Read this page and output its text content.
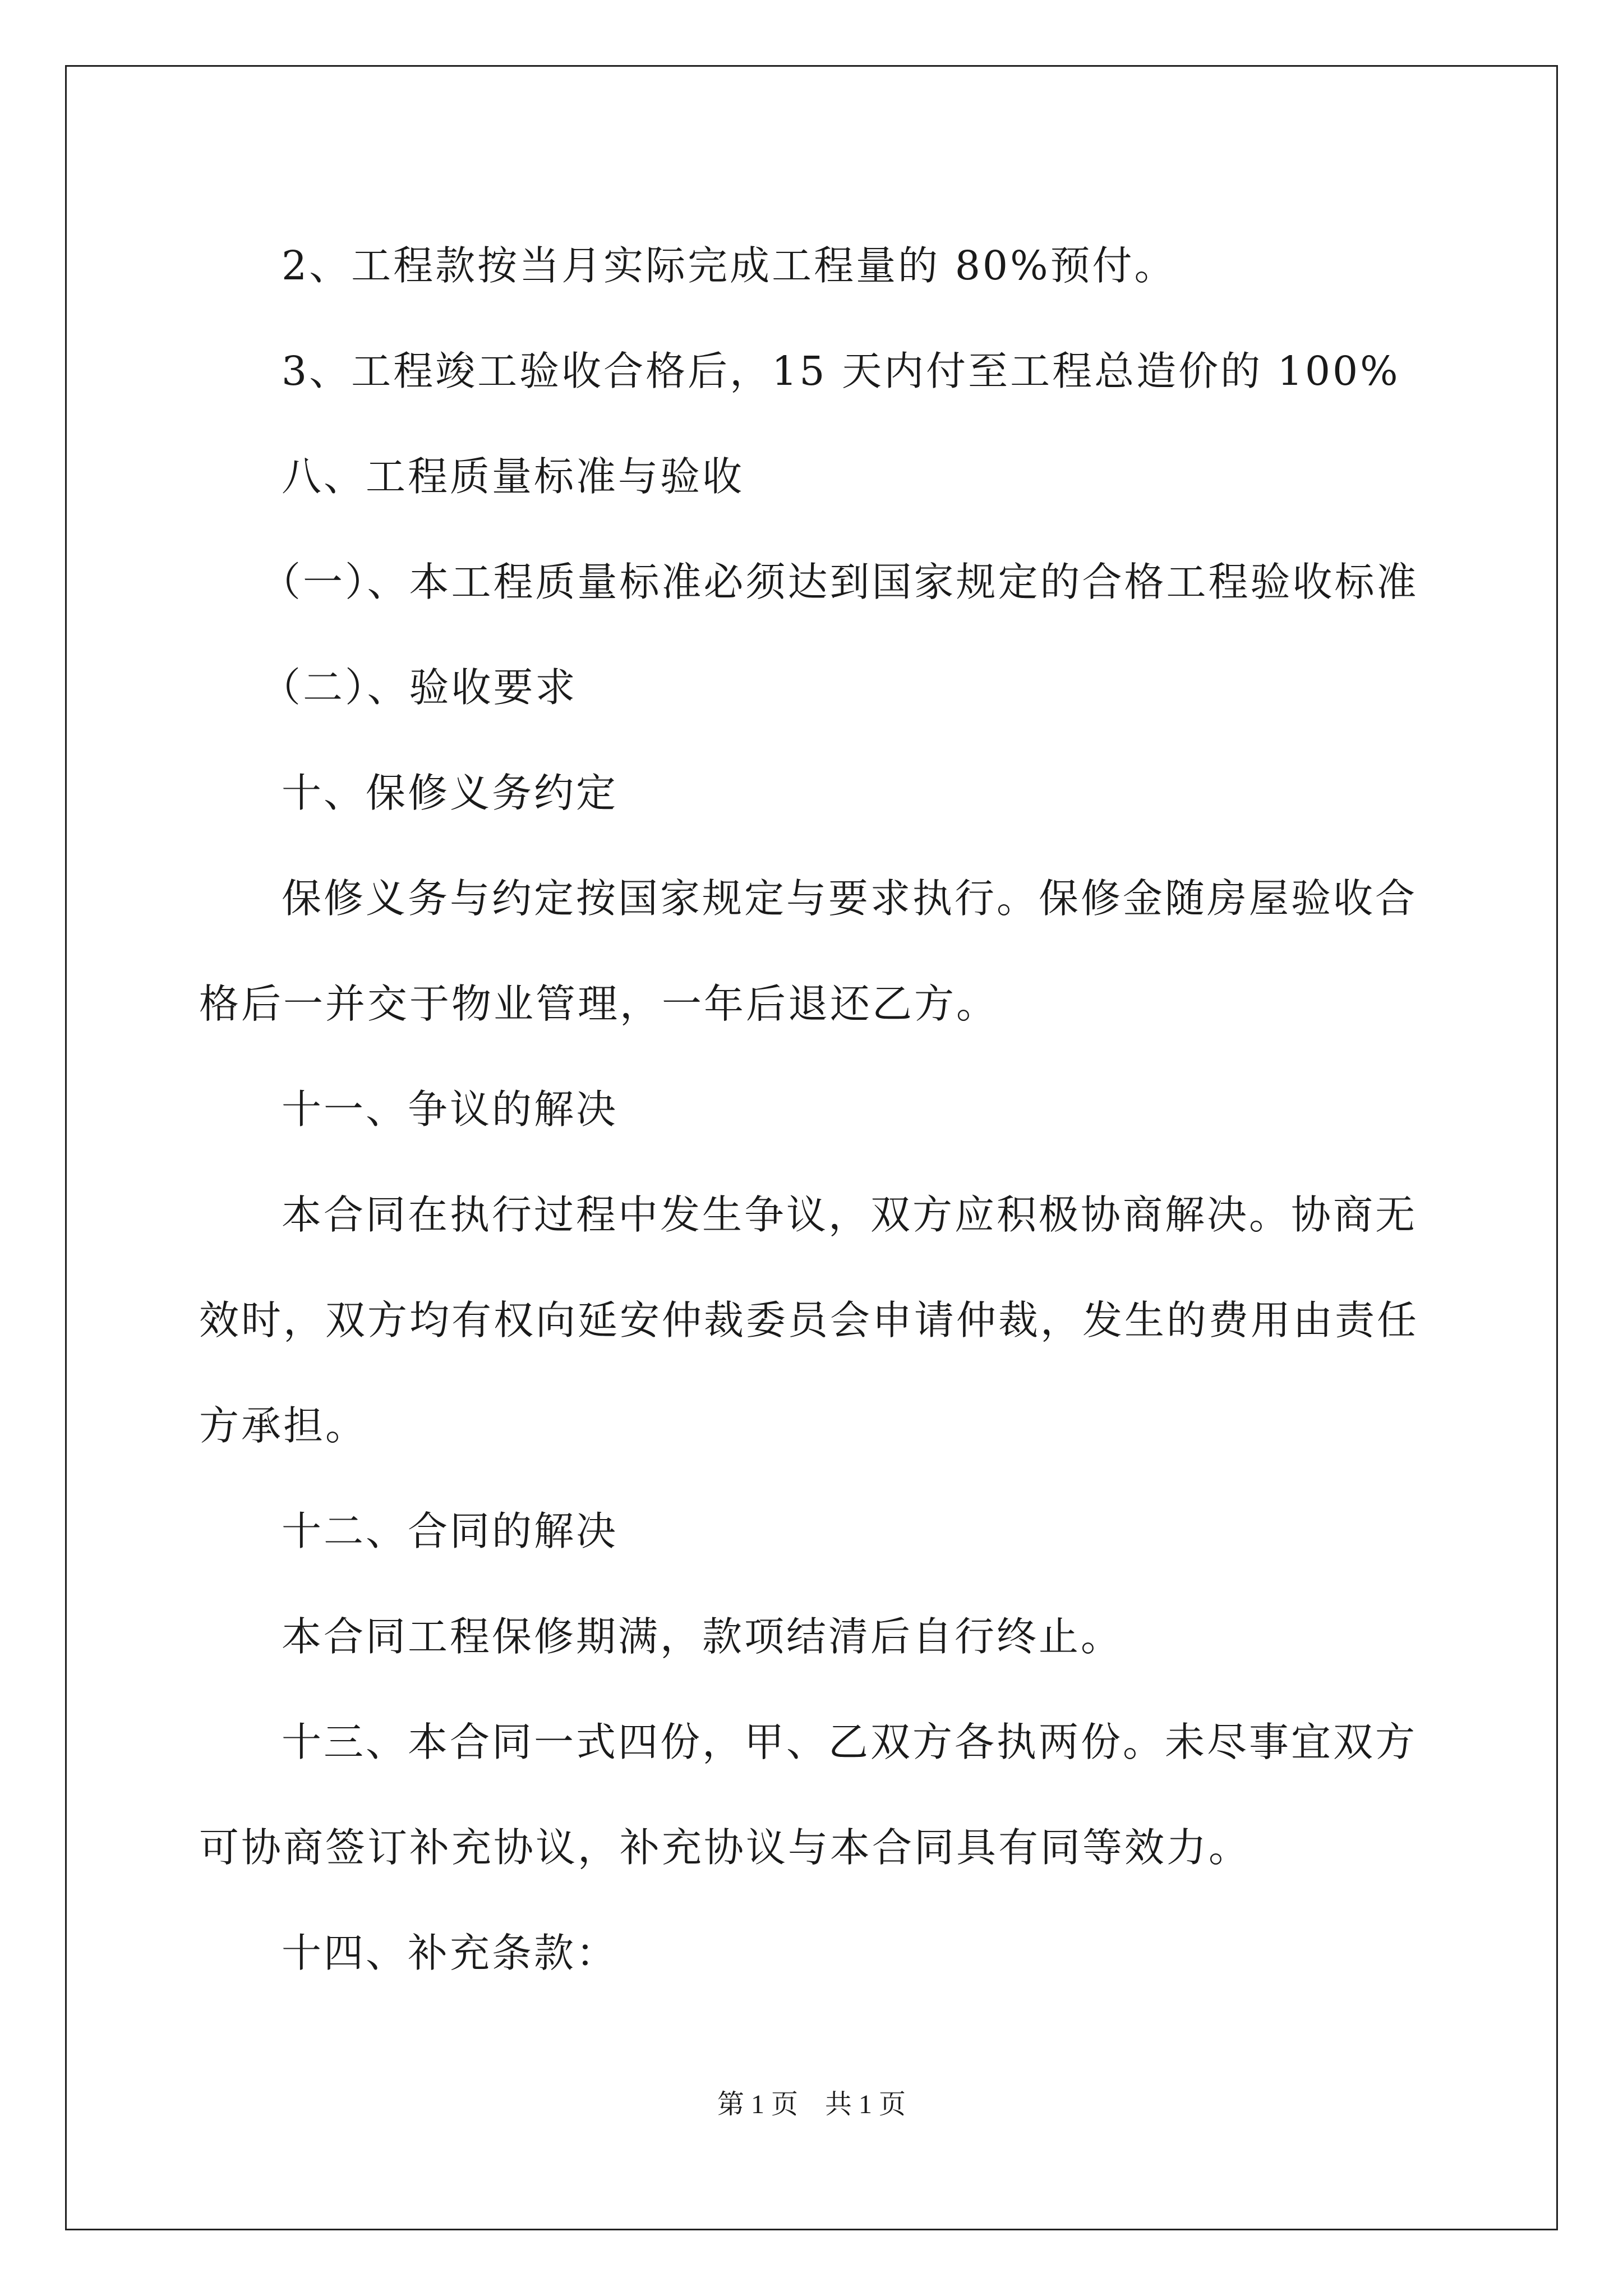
2、工程款按当月实际完成工程量的 80%预付。

3、工程竣工验收合格后，15 天内付至工程总造价的 100%

八、工程质量标准与验收

（一）、本工程质量标准必须达到国家规定的合格工程验收标准

（二）、验收要求

十、保修义务约定

保修义务与约定按国家规定与要求执行。保修金随房屋验收合格后一并交于物业管理，一年后退还乙方。

十一、争议的解决

本合同在执行过程中发生争议，双方应积极协商解决。协商无效时，双方均有权向延安仲裁委员会申请仲裁，发生的费用由责任方承担。

十二、合同的解决

本合同工程保修期满，款项结清后自行终止。

十三、本合同一式四份，甲、乙双方各执两份。未尽事宜双方可协商签订补充协议，补充协议与本合同具有同等效力。

十四、补充条款：

第 1 页　共 1 页
